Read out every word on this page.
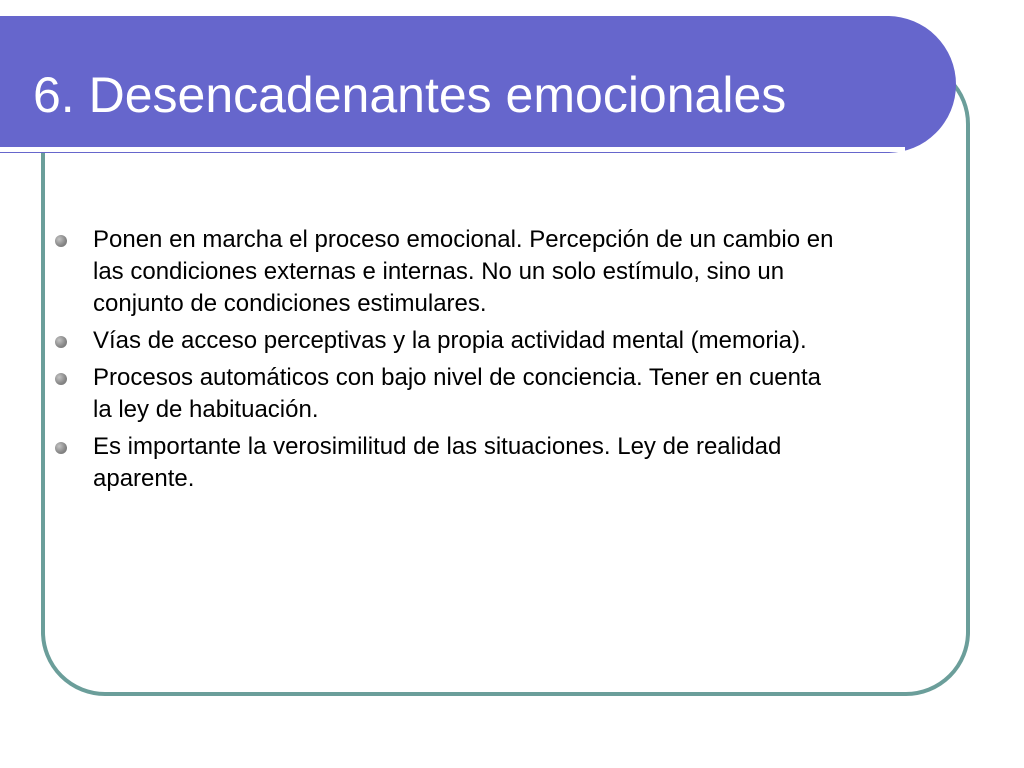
6. Desencadenantes emocionales
Ponen en marcha el proceso emocional. Percepción de un cambio en
las condiciones externas e internas. No un solo estímulo, sino un
conjunto de condiciones estimulares.
Vías de acceso perceptivas y la propia actividad mental (memoria).
Procesos automáticos con bajo nivel de conciencia. Tener en cuenta
la ley de habituación.
Es importante la verosimilitud de las situaciones. Ley de realidad
aparente.
